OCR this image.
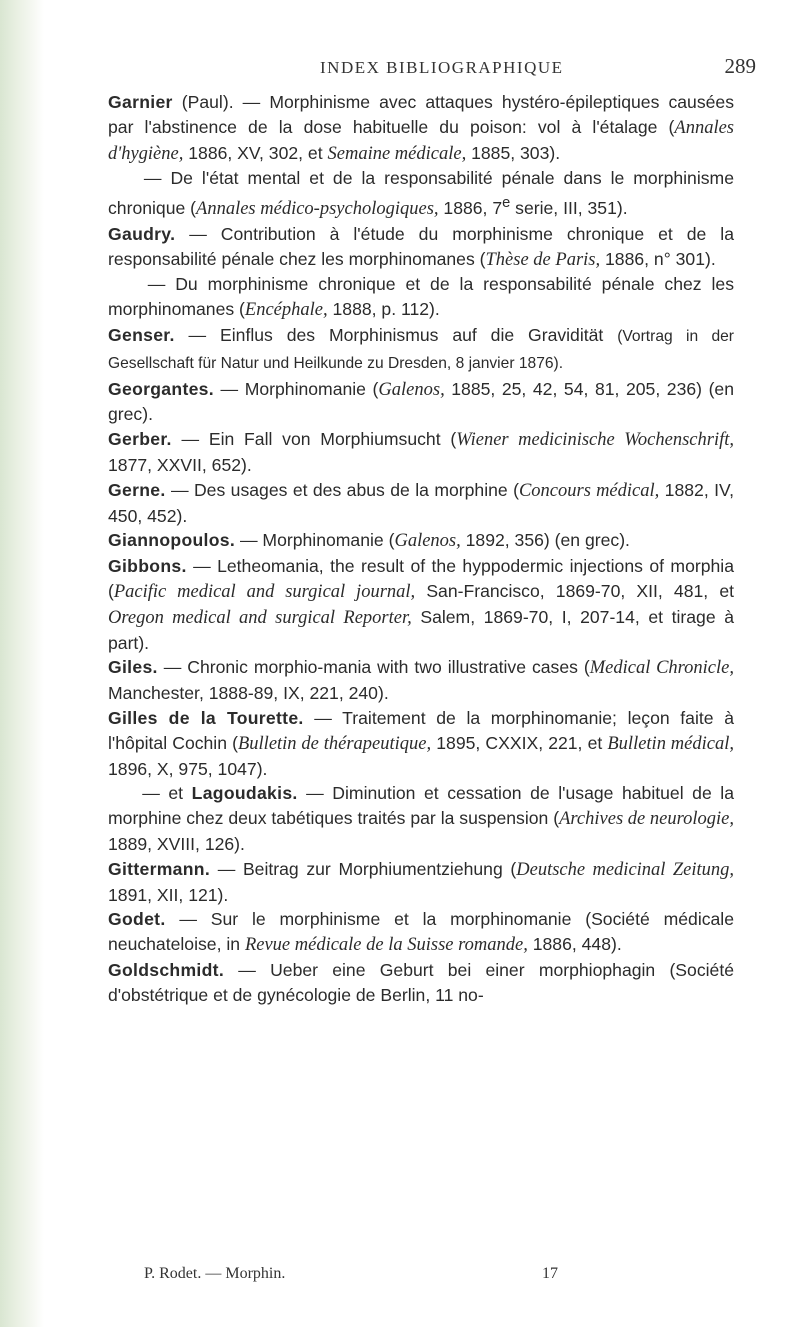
INDEX BIBLIOGRAPHIQUE	289

Garnier (Paul). — Morphinisme avec attaques hystéro-épileptiques causées par l'abstinence de la dose habituelle du poison: vol à l'étalage (Annales d'hygiène, 1886, XV, 302, et Semaine médicale, 1885, 303).

— De l'état mental et de la responsabilité pénale dans le morphinisme chronique (Annales médico-psychologiques, 1886, 7e serie, III, 351).

Gaudry. — Contribution à l'étude du morphinisme chronique et de la responsabilité pénale chez les morphinomanes (Thèse de Paris, 1886, n° 301).

— Du morphinisme chronique et de la responsabilité pénale chez les morphinomanes (Encéphale, 1888, p. 112).

Genser. — Einflus des Morphinismus auf die Gravidität (Vortrag in der Gesellschaft für Natur und Heilkunde zu Dresden, 8 janvier 1876).

Georgantes. — Morphinomanie (Galenos, 1885, 25, 42, 54, 81, 205, 236) (en grec).

Gerber. — Ein Fall von Morphiumsucht (Wiener medicinische Wochenschrift, 1877, XXVII, 652).

Gerne. — Des usages et des abus de la morphine (Concours médical, 1882, IV, 450, 452).

Giannopoulos. — Morphinomanie (Galenos, 1892, 356) (en grec).

Gibbons. — Letheomania, the result of the hyppodermic injections of morphia (Pacific medical and surgical journal, San-Francisco, 1869-70, XII, 481, et Oregon medical and surgical Reporter, Salem, 1869-70, I, 207-14, et tirage à part).

Giles. — Chronic morphio-mania with two illustrative cases (Medical Chronicle, Manchester, 1888-89, IX, 221, 240).

Gilles de la Tourette. — Traitement de la morphinomanie; leçon faite à l'hôpital Cochin (Bulletin de thérapeutique, 1895, CXXIX, 221, et Bulletin médical, 1896, X, 975, 1047).

— et Lagoudakis. — Diminution et cessation de l'usage habituel de la morphine chez deux tabétiques traités par la suspension (Archives de neurologie, 1889, XVIII, 126).

Gittermann. — Beitrag zur Morphiumentziehung (Deutsche medicinal Zeitung, 1891, XII, 121).

Godet. — Sur le morphinisme et la morphinomanie (Société médicale neuchateloise, in Revue médicale de la Suisse romande, 1886, 448).

Goldschmidt. — Ueber eine Geburt bei einer morphiophagin (Société d'obstétrique et de gynécologie de Berlin, 11 no-

P. Rodet. — Morphin.	17
